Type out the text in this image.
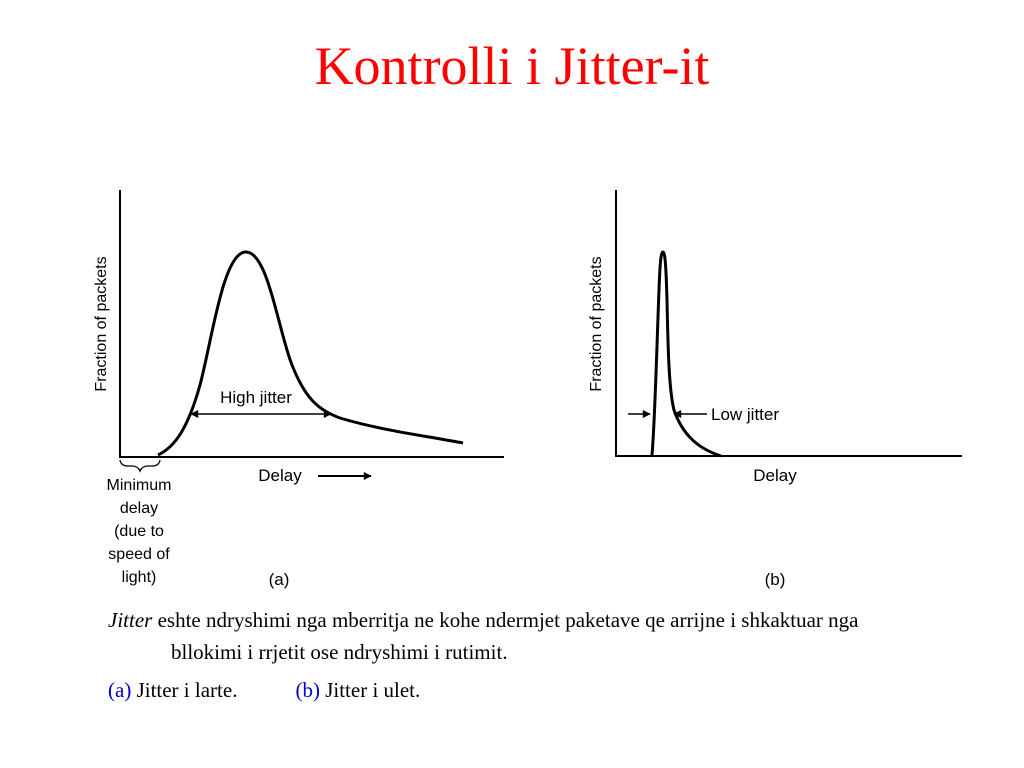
Kontrolli i Jitter-it
Fraction of packets
High jitter
Minimum
delay
(due to
speed of
light)
Delay
(a)
Fraction of packets
Low jitter
Delay
(b)
Jitter eshte ndryshimi nga mberritja ne kohe ndermjet paketave qe arrijne i shkaktuar nga bllokimi i rrjetit ose ndryshimi i rutimit.
(a) Jitter i larte.	(b) Jitter i ulet.
